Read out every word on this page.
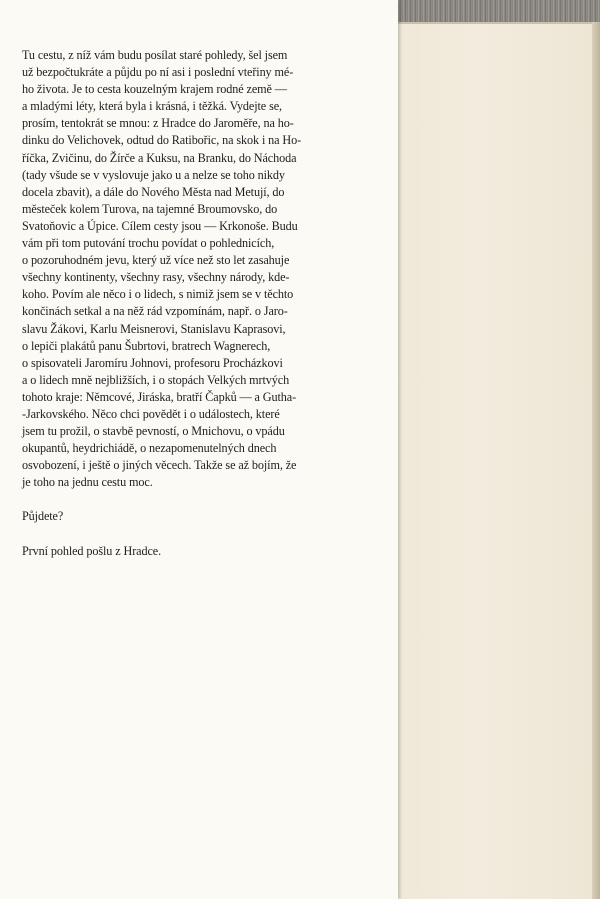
Tu cestu, z níž vám budu posílat staré pohledy, šel jsem
už bezpočtukráte a půjdu po ní asi i poslední vteřiny mé-
ho života. Je to cesta kouzelným krajem rodné země —
a mladými léty, která byla i krásná, i těžká. Vydejte se,
prosím, tentokrát se mnou: z Hradce do Jaroměře, na ho-
dinku do Velichovek, odtud do Ratibořic, na skok i na Ho-
říčka, Zvičinu, do Žírče a Kuksu, na Branku, do Náchoda
(tady všude se v vyslovuje jako u a nelze se toho nikdy
docela zbavit), a dále do Nového Města nad Metují, do
městeček kolem Turova, na tajemné Broumovsko, do
Svatoňovic a Úpice. Cílem cesty jsou — Krkonoše. Budu
vám při tom putování trochu povídat o pohlednicích,
o pozoruhodném jevu, který už více než sto let zasahuje
všechny kontinenty, všechny rasy, všechny národy, kde-
koho. Povím ale něco i o lidech, s nimiž jsem se v těchto
končinách setkal a na něž rád vzpomínám, např. o Jaro-
slavu Žákovi, Karlu Meisnerovi, Stanislavu Kaprasovi,
o lepiči plakátů panu Šubrtovi, bratrech Wagnerech,
o spisovateli Jaromíru Johnovi, profesoru Procházkovi
a o lidech mně nejbližších, i o stopách Velkých mrtvých
tohoto kraje: Němcové, Jiráska, bratří Čapků — a Gutha-
-Jarkovského. Něco chci povědět i o událostech, které
jsem tu prožil, o stavbě pevností, o Mnichovu, o vpádu
okupantů, heydrichiádě, o nezapomenutelných dnech
osvobození, i ještě o jiných věcech. Takže se až bojím, že
je toho na jednu cestu moc.
Půjdete?
První pohled pošlu z Hradce.
